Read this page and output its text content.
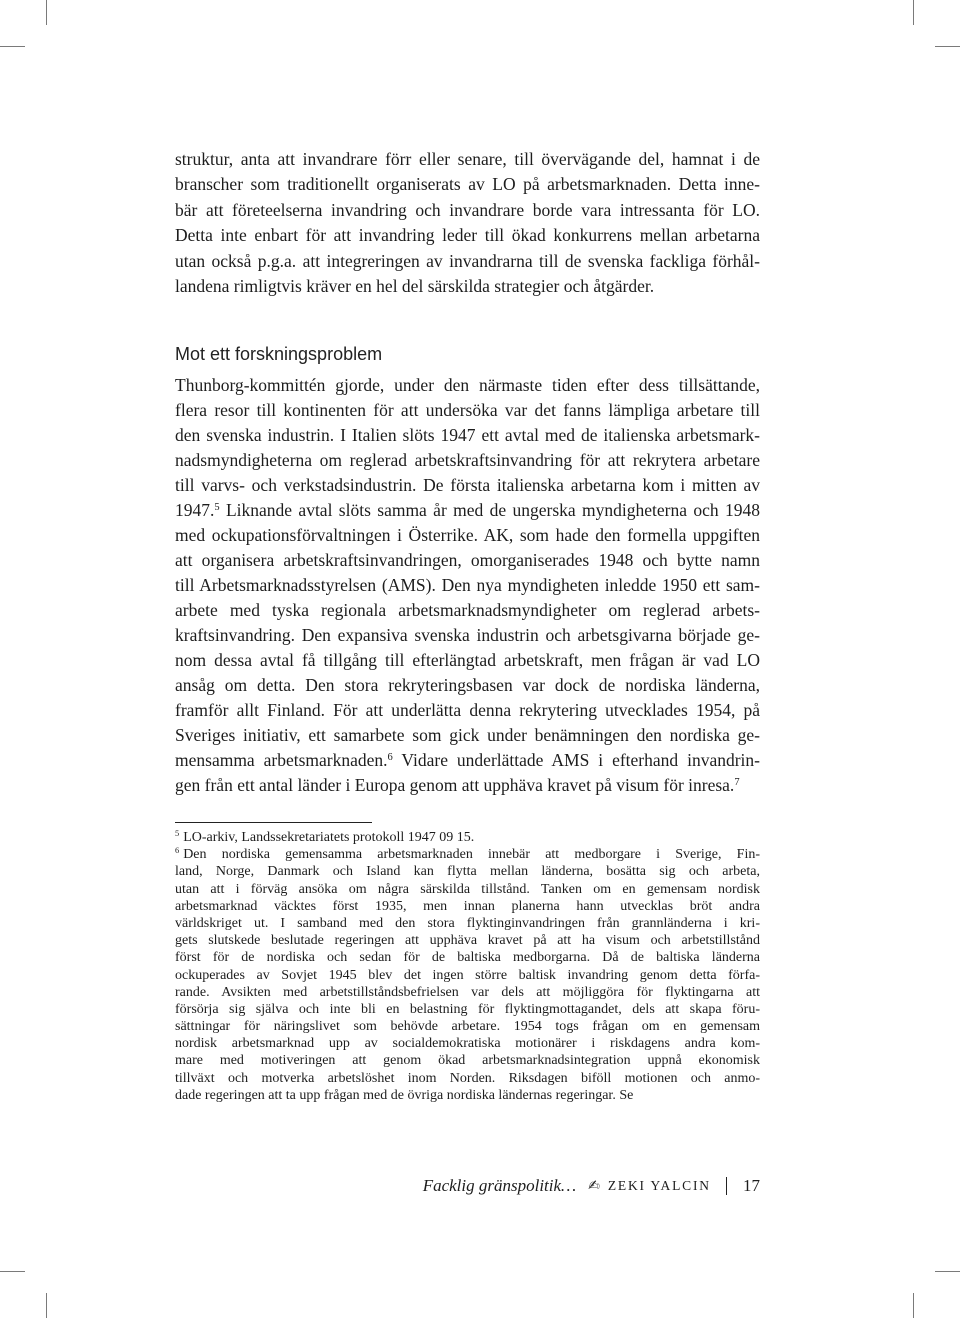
struktur, anta att invandrare förr eller senare, till övervägande del, hamnat i de
branscher som traditionellt organiserats av LO på arbetsmarknaden. Detta inne-
bär att företeelserna invandring och invandrare borde vara intressanta för LO.
Detta inte enbart för att invandring leder till ökad konkurrens mellan arbetarna
utan också p.g.a. att integreringen av invandrarna till de svenska fackliga förhål-
landena rimligtvis kräver en hel del särskilda strategier och åtgärder.
Mot ett forskningsproblem
Thunborg-kommittén gjorde, under den närmaste tiden efter dess tillsättande,
flera resor till kontinenten för att undersöka var det fanns lämpliga arbetare till
den svenska industrin. I Italien slöts 1947 ett avtal med de italienska arbetsmark-
nadsmyndigheterna om reglerad arbetskraftsinvandring för att rekrytera arbetare
till varvs- och verkstadsindustrin. De första italienska arbetarna kom i mitten av
1947.$^5$ Liknande avtal slöts samma år med de ungerska myndigheterna och 1948
med ockupationsförvaltningen i Österrike. AK, som hade den formella uppgiften
att organisera arbetskraftsinvandringen, omorganiserades 1948 och bytte namn
till Arbetsmarknadsstyrelsen (AMS). Den nya myndigheten inledde 1950 ett sam-
arbete med tyska regionala arbetsmarknadsmyndigheter om reglerad arbets-
kraftsinvandring. Den expansiva svenska industrin och arbetsgivarna började ge-
nom dessa avtal få tillgång till efterlängtad arbetskraft, men frågan är vad LO
ansåg om detta. Den stora rekryteringsbasen var dock de nordiska länderna,
framför allt Finland. För att underlätta denna rekrytering utvecklades 1954, på
Sveriges initiativ, ett samarbete som gick under benämningen den nordiska ge-
mensamma arbetsmarknaden.$^6$ Vidare underlättade AMS i efterhand invandrin-
gen från ett antal länder i Europa genom att upphäva kravet på visum för inresa.$^7$
$^5$ LO-arkiv, Landssekretariatets protokoll 1947 09 15.
$^6$ Den nordiska gemensamma arbetsmarknaden innebär att medborgare i Sverige, Fin-
land, Norge, Danmark och Island kan flytta mellan länderna, bosätta sig och arbeta,
utan att i förväg ansöka om några särskilda tillstånd. Tanken om en gemensam nordisk
arbetsmarknad väcktes först 1935, men innan planerna hann utvecklas bröt andra
världskriget ut. I samband med den stora flyktinginvandringen från grannländerna i kri-
gets slutskede beslutade regeringen att upphäva kravet på att ha visum och arbetstillstånd
först för de nordiska och sedan för de baltiska medborgarna. Då de baltiska länderna
ockuperades av Sovjet 1945 blev det ingen större baltisk invandring genom detta förfa-
rande. Avsikten med arbetstillståndsbefrielsen var dels att möjliggöra för flyktingarna att
försörja sig själva och inte bli en belastning för flyktingmottagandet, dels att skapa föru-
sättningar för näringslivet som behövde arbetare. 1954 togs frågan om en gemensam
nordisk arbetsmarknad upp av socialdemokratiska motionärer i riskdagens andra kom-
mare med motiveringen att genom ökad arbetsmarknadsintegration uppnå ekonomisk
tillväxt och motverka arbetslöshet inom Norden. Riksdagen biföll motionen och anmo-
dade regeringen att ta upp frågan med de övriga nordiska ländernas regeringar. Se
Facklig gränspolitik… ✍ ZEKI YALCIN 17
